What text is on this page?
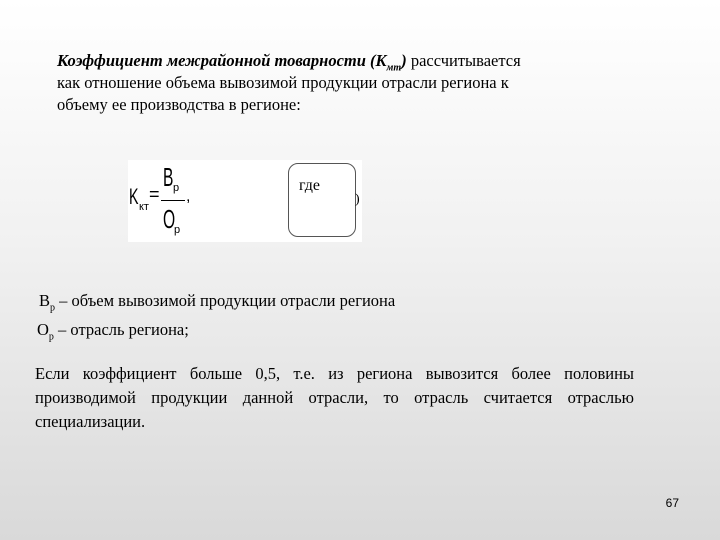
Коэффициент межрайонной товарности $(K_{мт})$ рассчитывается
как отношение объема вывозимой продукции отрасли региона к
объему ее производства в регионе:
K кт
=
В р
О
р
,
где
)
$В_р$ – объем вывозимой продукции отрасли региона
$О_р$ – отрасль региона;
Если коэффициент больше 0,5, т.е. из региона вывозится более половины производимой продукции данной отрасли, то отрасль считается отраслью специализации.
67
